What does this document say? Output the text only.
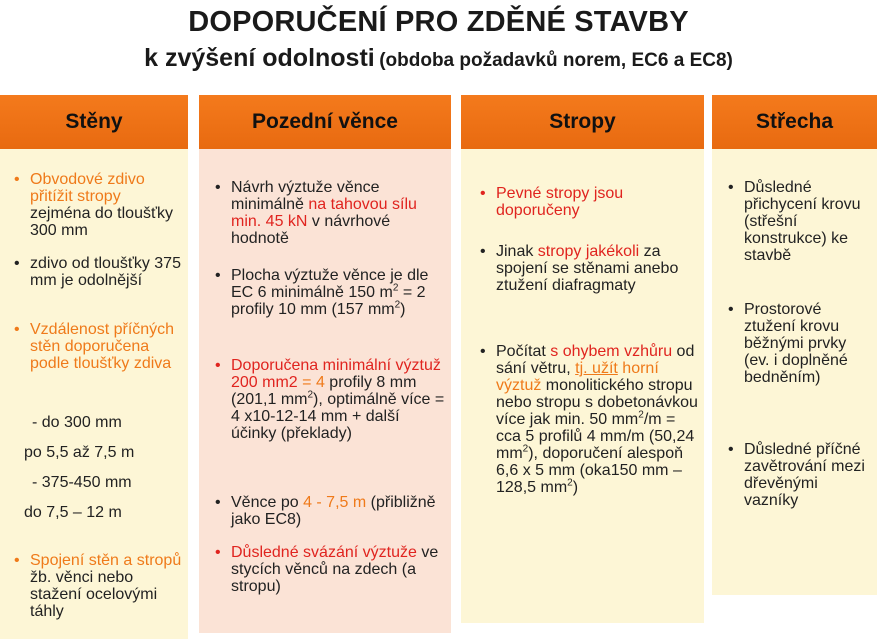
DOPORUČENÍ PRO ZDĚNÉ STAVBY
k zvýšení odolnosti (obdoba požadavků norem, EC6 a EC8)
Stěny
• Obvodové zdivo přitížit stropy zejména do tloušťky 300 mm
• zdivo od tloušťky 375 mm je odolnější
• Vzdálenost příčných stěn doporučena podle tloušťky zdiva
- do 300 mm
po 5,5 až 7,5 m
- 375-450 mm
do 7,5 – 12 m
• Spojení stěn a stropů žb. věnci nebo stažení ocelovými táhly
Pozední věnce
• Návrh výztuže věnce minimálně na tahovou sílu min. 45 kN v návrhové hodnotě
• Plocha výztuže věnce je dle EC 6 minimálně 150 $m^2 = 2$ profily 10 mm (157 $mm^2$)
• Doporučena minimální výztuž 200 mm2 = 4 profily 8 mm (201,1 $mm^2$), optimálně více = 4 x10-12-14 mm + další účinky (překlady)
• Věnce po 4 - 7,5 m (přibližně jako EC8)
• Důsledné svázání výztuže ve stycích věnců na zdech (a stropu)
Stropy
• Pevné stropy jsou doporučeny
• Jinak stropy jakékoli za spojení se stěnami anebo ztužení diafragmaty
• Počítat s ohybem vzhůru od sání větru, tj. užít horní výztuž monolitického stropu nebo stropu s dobetonávkou více jak min. 50 $mm^2/m$ = cca 5 profilů 4 mm/m (50,24 $mm^2$), doporučení alespoň 6,6 x 5 mm (oka150 mm – 128,5 $mm^2$)
Střecha
• Důsledné přichycení krovu (střešní konstrukce) ke stavbě
• Prostorové ztužení krovu běžnými prvky (ev. i doplněné bedněním)
• Důsledné příčné zavětrování mezi dřevěnými vazníky
